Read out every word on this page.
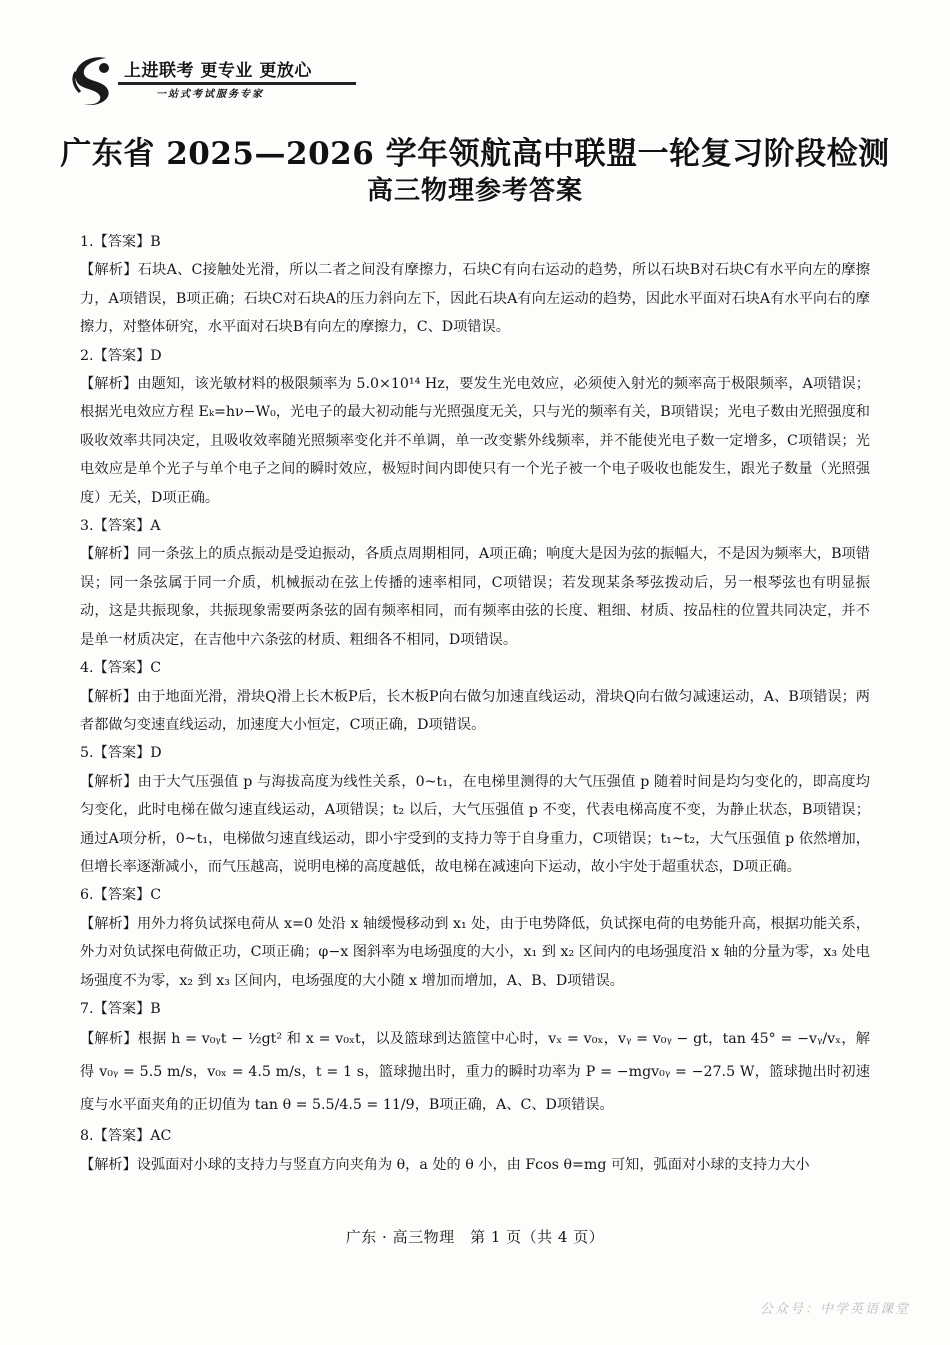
上进联考 更专业 更放心
一站式考试服务专家
广东省 2025—2026 学年领航高中联盟一轮复习阶段检测
高三物理参考答案
1.【答案】B

【解析】石块A、C接触处光滑，所以二者之间没有摩擦力，石块C有向右运动的趋势，所以石块B对石块C有水平向左的摩擦力，A项错误，B项正确；石块C对石块A的压力斜向左下，因此石块A有向左运动的趋势，因此水平面对石块A有水平向右的摩擦力，对整体研究，水平面对石块B有向左的摩擦力，C、D项错误。

2.【答案】D

【解析】由题知，该光敏材料的极限频率为 5.0×10¹⁴ Hz，要发生光电效应，必须使入射光的频率高于极限频率，A项错误；根据光电效应方程 Eₖ=hν−W₀，光电子的最大初动能与光照强度无关，只与光的频率有关，B项错误；光电子数由光照强度和吸收效率共同决定，且吸收效率随光照频率变化并不单调，单一改变紫外线频率，并不能使光电子数一定增多，C项错误；光电效应是单个光子与单个电子之间的瞬时效应，极短时间内即使只有一个光子被一个电子吸收也能发生，跟光子数量（光照强度）无关，D项正确。

3.【答案】A

【解析】同一条弦上的质点振动是受迫振动，各质点周期相同，A项正确；响度大是因为弦的振幅大，不是因为频率大，B项错误；同一条弦属于同一介质，机械振动在弦上传播的速率相同，C项错误；若发现某条琴弦拨动后，另一根琴弦也有明显振动，这是共振现象，共振现象需要两条弦的固有频率相同，而有频率由弦的长度、粗细、材质、按品柱的位置共同决定，并不是单一材质决定，在吉他中六条弦的材质、粗细各不相同，D项错误。

4.【答案】C

【解析】由于地面光滑，滑块Q滑上长木板P后，长木板P向右做匀加速直线运动，滑块Q向右做匀减速运动，A、B项错误；两者都做匀变速直线运动，加速度大小恒定，C项正确，D项错误。

5.【答案】D

【解析】由于大气压强值 p 与海拔高度为线性关系，0~t₁，在电梯里测得的大气压强值 p 随着时间是均匀变化的，即高度均匀变化，此时电梯在做匀速直线运动，A项错误；t₂ 以后，大气压强值 p 不变，代表电梯高度不变，为静止状态，B项错误；通过A项分析，0~t₁，电梯做匀速直线运动，即小宇受到的支持力等于自身重力，C项错误；t₁~t₂，大气压强值 p 依然增加，但增长率逐渐减小，而气压越高，说明电梯的高度越低，故电梯在减速向下运动，故小宇处于超重状态，D项正确。

6.【答案】C

【解析】用外力将负试探电荷从 x=0 处沿 x 轴缓慢移动到 x₁ 处，由于电势降低，负试探电荷的电势能升高，根据功能关系，外力对负试探电荷做正功，C项正确；φ−x 图斜率为电场强度的大小，x₁ 到 x₂ 区间内的电场强度沿 x 轴的分量为零，x₃ 处电场强度不为零，x₂ 到 x₃ 区间内，电场强度的大小随 x 增加而增加，A、B、D项错误。

7.【答案】B

【解析】根据 h = v₀ᵧt − ½gt² 和 x = v₀ₓt，以及篮球到达篮筐中心时，vₓ = v₀ₓ，vᵧ = v₀ᵧ − gt，tan 45° = −vᵧ/vₓ，解得 v₀ᵧ = 5.5 m/s，v₀ₓ = 4.5 m/s，t = 1 s，篮球抛出时，重力的瞬时功率为 P = −mgv₀ᵧ = −27.5 W，篮球抛出时初速度与水平面夹角的正切值为 tan θ = 5.5/4.5 = 11/9，B项正确，A、C、D项错误。

8.【答案】AC

【解析】设弧面对小球的支持力与竖直方向夹角为 θ，a 处的 θ 小，由 Fcos θ=mg 可知，弧面对小球的支持力大小

广东 · 高三物理　第 1 页（共 4 页）
公众号：中学英语课堂
